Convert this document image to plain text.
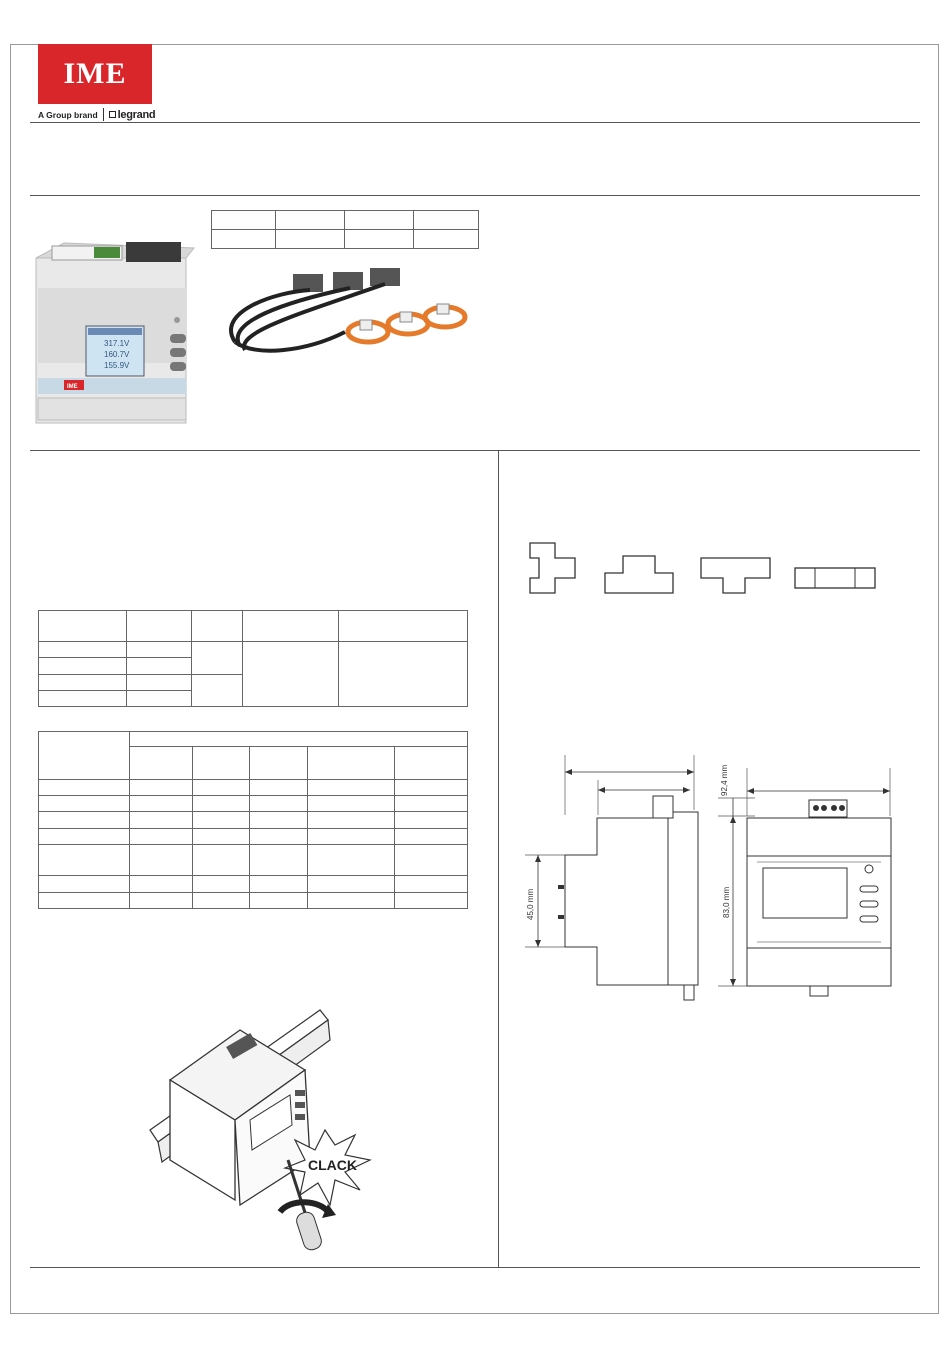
IME
A Group brand legrand

317.1V
160.7V
155.9V
IME

45,0 mm
92,4 mm
83,0 mm
CLACK
